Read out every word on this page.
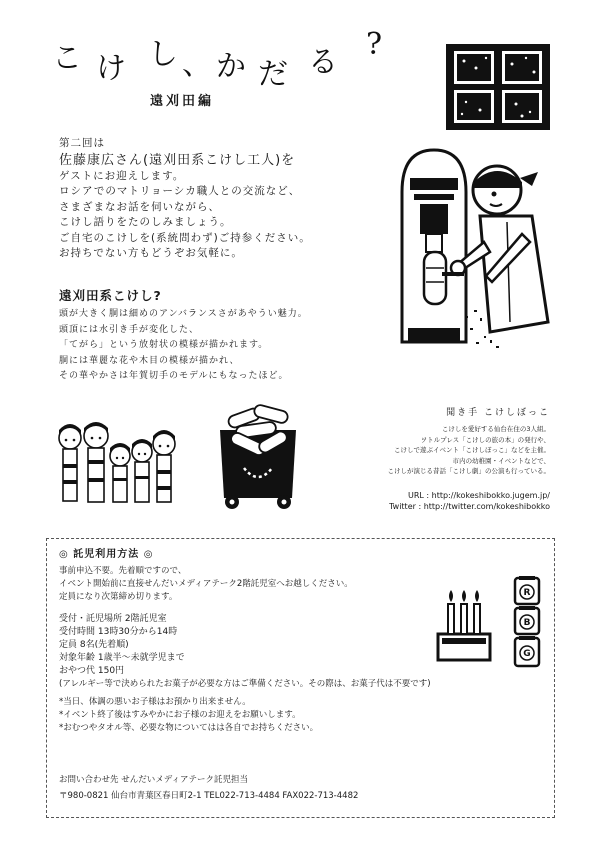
こ け し 、 か だ る
?
遠刈田編
第二回は
佐藤康広さん(遠刈田系こけし工人)を
ゲストにお迎えします。
ロシアでのマトリョーシカ職人との交流など、
さまざまなお話を伺いながら、
こけし語りをたのしみましょう。
ご自宅のこけしを(系統問わず)ご持参ください。
お持ちでない方もどうぞお気軽に。
遠刈田系こけし?
頭が大きく胴は細めのアンバランスさがあやうい魅力。
頭頂には水引き手が変化した、
「てがら」という放射状の模様が描かれます。
胴には華麗な花や木目の模様が描かれ、
その華やかさは年賀切手のモデルにもなったほど。
聞き手 こけしぼっこ
こけしを愛好する仙台在住の3人組。
ヲトルプレス「こけしの旅の本」の発行や、
こけしで遊ぶイベント「こけしぼっこ」などを主催。
市内の幼稚園・イベントなどで、
こけしが演じる昔話「こけし劇」の公演も行っている。
URL : http://kokeshibokko.jugem.jp/
Twitter : http://twitter.com/kokeshibokko
◎ 託児利用方法 ◎
事前申込不要。先着順ですので、
イベント開始前に直接せんだいメディアテーク2階託児室へお越しください。
定員になり次第締め切ります。
受付・託児場所 2階託児室
受付時間 13時30分から14時
定員 8名(先着順)
対象年齢 1歳半〜未就学児まで
おやつ代 150円
(アレルギー等で決められたお菓子が必要な方はご準備ください。その際は、お菓子代は不要です)
*当日、体調の悪いお子様はお預かり出来ません。
*イベント終了後はすみやかにお子様のお迎えをお願いします。
*おむつやタオル等、必要な物についてはは各自でお持ちください。
R
B
G
お問い合わせ先 せんだいメディアテーク託児担当
〒980-0821 仙台市青葉区春日町2-1 TEL022-713-4484 FAX022-713-4482
